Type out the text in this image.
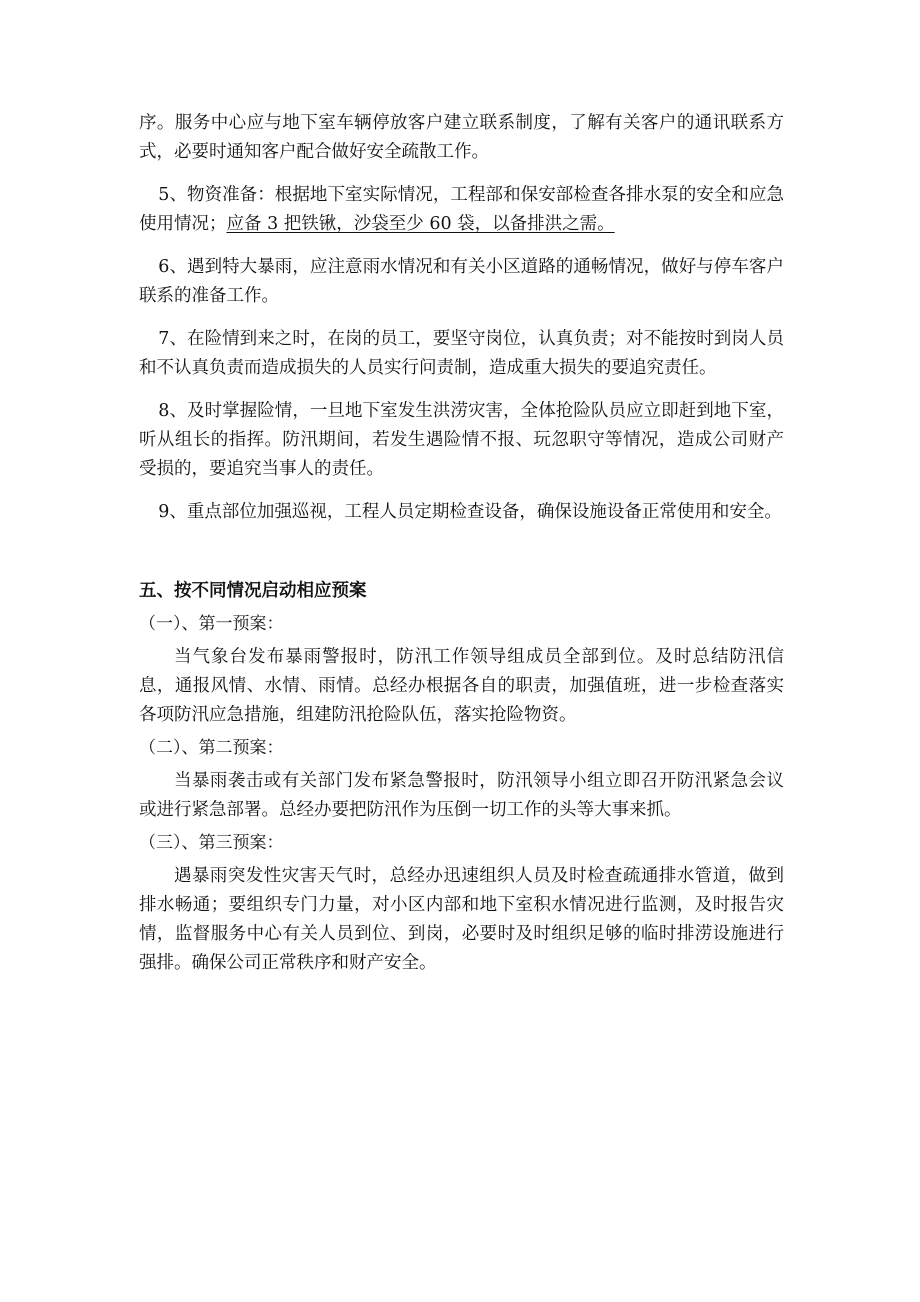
序。服务中心应与地下室车辆停放客户建立联系制度，了解有关客户的通讯联系方式，必要时通知客户配合做好安全疏散工作。

5、物资准备：根据地下室实际情况，工程部和保安部检查各排水泵的安全和应急使用情况；应备 3 把铁锹，沙袋至少 60 袋，以备排洪之需。

6、遇到特大暴雨，应注意雨水情况和有关小区道路的通畅情况，做好与停车客户联系的准备工作。

7、在险情到来之时，在岗的员工，要坚守岗位，认真负责；对不能按时到岗人员和不认真负责而造成损失的人员实行问责制，造成重大损失的要追究责任。

8、及时掌握险情，一旦地下室发生洪涝灾害，全体抢险队员应立即赶到地下室，听从组长的指挥。防汛期间，若发生遇险情不报、玩忽职守等情况，造成公司财产受损的，要追究当事人的责任。

9、重点部位加强巡视，工程人员定期检查设备，确保设施设备正常使用和安全。

五、按不同情况启动相应预案
（一）、第一预案：

当气象台发布暴雨警报时，防汛工作领导组成员全部到位。及时总结防汛信息，通报风情、水情、雨情。总经办根据各自的职责，加强值班，进一步检查落实各项防汛应急措施，组建防汛抢险队伍，落实抢险物资。

（二）、第二预案：

当暴雨袭击或有关部门发布紧急警报时，防汛领导小组立即召开防汛紧急会议或进行紧急部署。总经办要把防汛作为压倒一切工作的头等大事来抓。

（三）、第三预案：

遇暴雨突发性灾害天气时，总经办迅速组织人员及时检查疏通排水管道，做到排水畅通；要组织专门力量，对小区内部和地下室积水情况进行监测，及时报告灾情，监督服务中心有关人员到位、到岗，必要时及时组织足够的临时排涝设施进行强排。确保公司正常秩序和财产安全。
